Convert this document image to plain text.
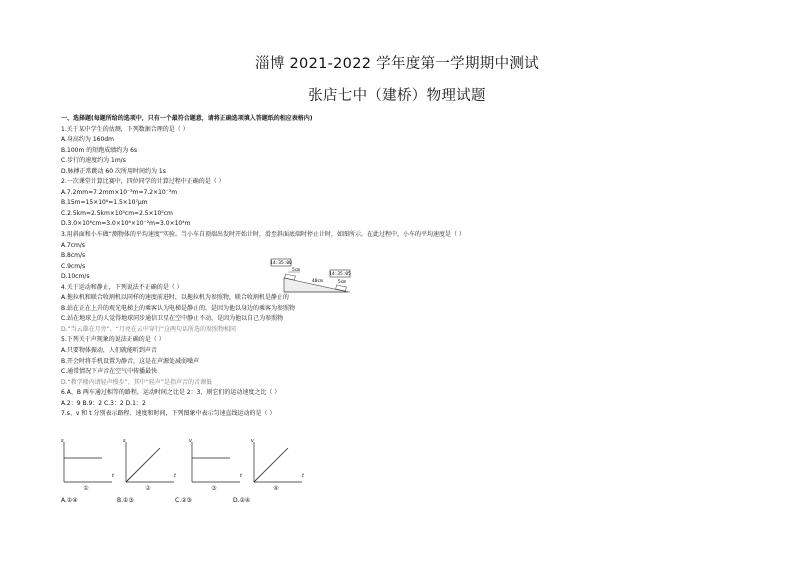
淄博 2021-2022 学年度第一学期期中测试
张店七中（建桥）物理试题
一、选择题(每题所给的选项中，只有一个最符合题意，请将正确选项填入答题纸的相应表格内)
1.关于某中学生的估测，下列数据合理的是（ ）
A.身高约为 160dm
B.100m 的短跑成绩约为 6s
C.步行的速度约为 1m/s
D.脉搏正常跳动 60 次所用时间约为 1s
2.一次课堂计算比赛中，四位同学的计算过程中正确的是（ ）
A.7.2mm=7.2mm×10⁻³m=7.2×10⁻³m
B.15m=15×10⁶=1.5×10⁷μm
C.2.5km=2.5km×10⁵cm=2.5×10⁵cm
D.3.0×10⁶cm=3.0×10⁶×10⁻²m=3.0×10⁴m
3.用斜面和小车做“测物体的平均速度”实验。当小车自顶端出发时开始计时，滑至斜面底端时停止计时，如图所示。在此过程中，小车的平均速度是（ ）
A.7cm/s
B.8cm/s
C.9cm/s
D.10cm/s
4.关于运动和静止，下列说法不正确的是（ ）
A.拖拉机和联合收割机以同样的速度前进时，以拖拉机为参照物，联合收割机是静止的
B.站在正在上升的观光电梯上的乘客认为电梯是静止的，是因为他以身边的乘客为参照物
C.站在地球上的人觉得地球同步通信卫星在空中静止不动，是因为他以自己为参照物
D.“当云雄在月旁”、“月亮在云中穿行”这两句话所选的参照物相同
5.下列关于声现象的说法正确的是（ ）
A.只要物体振动，人们就能听到声音
B.开会时将手机设置为静音，这是在声源处减弱噪声
C.通常情况下声音在空气中传播最快
D.“教学楼内请轻声慢步”，其中“轻声”是指声音的音调低
6.A、B 两车通过相等的路程，运动时间之比是 2：3，则它们的运动速度之比（ ）
A.2：9 B.9：2 C.3：2 D.1：2
7.s、v 和 t 分别表示路程、速度和时间，下列图象中表示匀速直线运动的是（ ）
14:35:00
14:35:05
5cm
40cm	5cm
s
t
①
s
t
②
v
t
③
v
t
④
A.①④	B.①③	C.②③	D.②④
